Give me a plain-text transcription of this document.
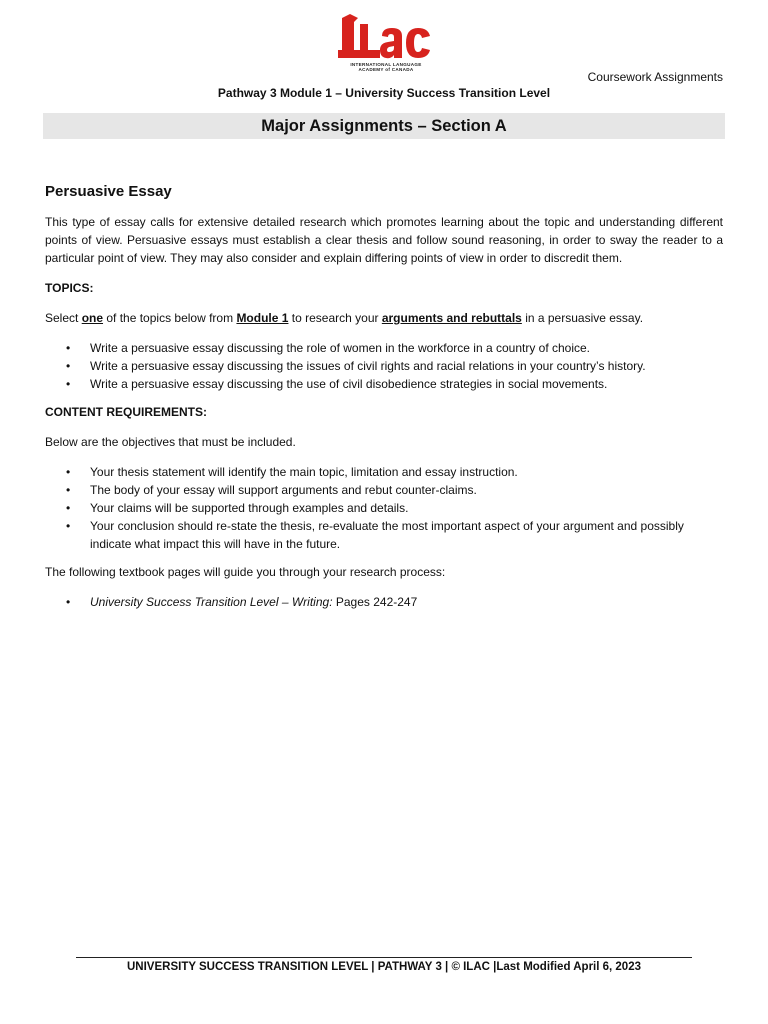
INTERNATIONAL LANGUAGE
ACADEMY of CANADA
Coursework Assignments
Pathway 3 Module 1 – University Success Transition Level
Major Assignments – Section A
Persuasive Essay

This type of essay calls for extensive detailed research which promotes learning about the topic and understanding different points of view. Persuasive essays must establish a clear thesis and follow sound reasoning, in order to sway the reader to a particular point of view. They may also consider and explain differing points of view in order to discredit them.

TOPICS:

Select one of the topics below from Module 1 to research your arguments and rebuttals in a persuasive essay.

• Write a persuasive essay discussing the role of women in the workforce in a country of choice.
• Write a persuasive essay discussing the issues of civil rights and racial relations in your country’s history.
• Write a persuasive essay discussing the use of civil disobedience strategies in social movements.

CONTENT REQUIREMENTS:

Below are the objectives that must be included.

• Your thesis statement will identify the main topic, limitation and essay instruction.
• The body of your essay will support arguments and rebut counter-claims.
• Your claims will be supported through examples and details.
• Your conclusion should re-state the thesis, re-evaluate the most important aspect of your argument and possibly indicate what impact this will have in the future.

The following textbook pages will guide you through your research process:

• University Success Transition Level – Writing: Pages 242-247
UNIVERSITY SUCCESS TRANSITION LEVEL | PATHWAY 3 | © ILAC |Last Modified April 6, 2023
